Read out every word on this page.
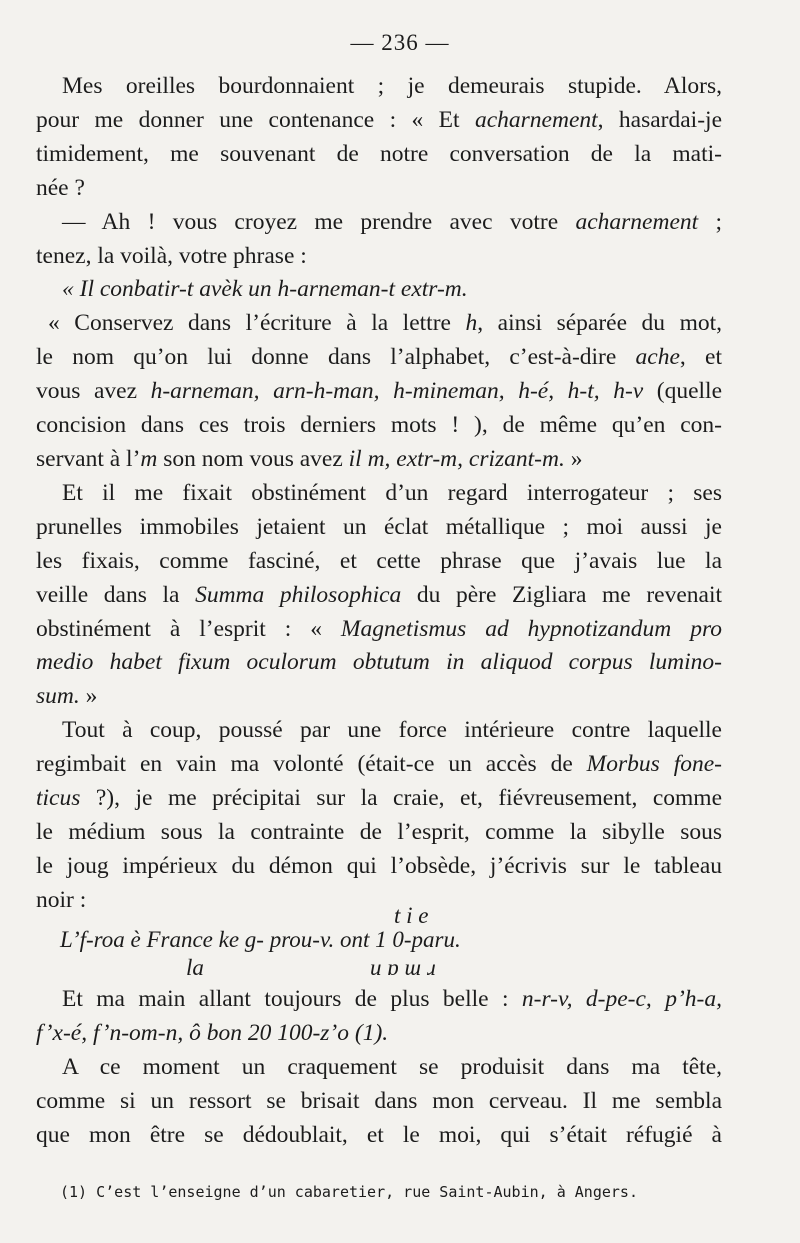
— 236 —

Mes oreilles bourdonnaient ; je demeurais stupide. Alors,

pour me donner une contenance : « Et acharnement, hasardai-je

timidement, me souvenant de notre conversation de la mati-

née ?

— Ah ! vous croyez me prendre avec votre acharnement ;

tenez, la voilà, votre phrase :

« Il conbatir-t avèk un h-arneman-t extr-m.

« Conservez dans l’écriture à la lettre h, ainsi séparée du mot,

le nom qu’on lui donne dans l’alphabet, c’est-à-dire ache, et

vous avez h-arneman, arn-h-man, h-mineman, h-é, h-t, h-v (quelle

concision dans ces trois derniers mots ! ), de même qu’en con-

servant à l’m son nom vous avez il m, extr-m, crizant-m. »

Et il me fixait obstinément d’un regard interrogateur ; ses

prunelles immobiles jetaient un éclat métallique ; moi aussi je

les fixais, comme fasciné, et cette phrase que j’avais lue la

veille dans la Summa philosophica du père Zigliara me revenait

obstinément à l’esprit : « Magnetismus ad hypnotizandum pro

medio habet fixum oculorum obtutum in aliquod corpus lumino-

sum. »

Tout à coup, poussé par une force intérieure contre laquelle

regimbait en vain ma volonté (était-ce un accès de Morbus fone-

ticus ?), je me précipitai sur la craie, et, fiévreusement, comme

le médium sous la contrainte de l’esprit, comme la sibylle sous

le joug impérieux du démon qui l’obsède, j’écrivis sur le tableau

noir :

t i e
L’f-roa è France ke g- prou-v. ont 1 0-paru.
la	u ɒ ɯ ɹ

Et ma main allant toujours de plus belle : n-r-v, d-pe-c, p’h-a,

f’x-é, f’n-om-n, ô bon 20 100-z’o (1).

A ce moment un craquement se produisit dans ma tête,

comme si un ressort se brisait dans mon cerveau. Il me sembla

que mon être se dédoublait, et le moi, qui s’était réfugié à

(1) C’est l’enseigne d’un cabaretier, rue Saint-Aubin, à Angers.
